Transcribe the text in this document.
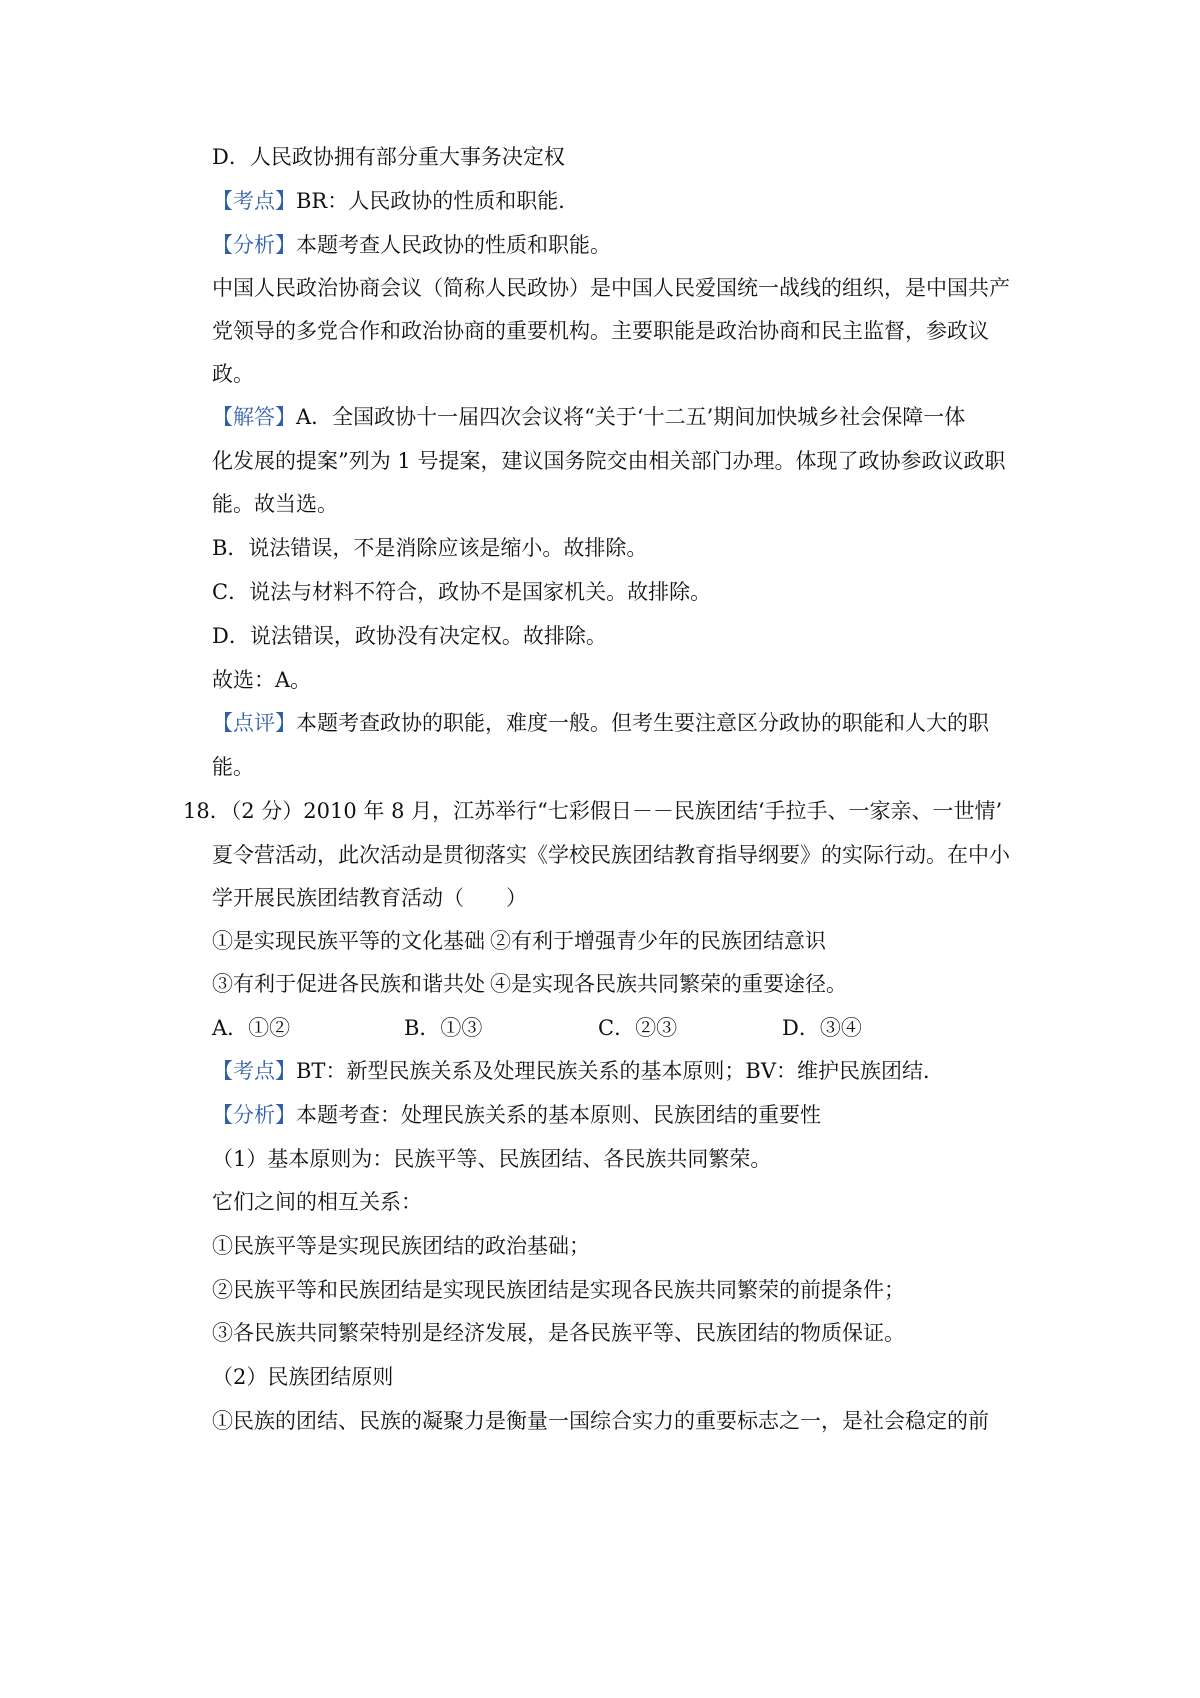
D．人民政协拥有部分重大事务决定权
【考点】BR：人民政协的性质和职能．
【分析】本题考查人民政协的性质和职能。
中国人民政治协商会议（简称人民政协）是中国人民爱国统一战线的组织，是中国共产
党领导的多党合作和政治协商的重要机构。主要职能是政治协商和民主监督，参政议
政。
【解答】A．全国政协十一届四次会议将“关于‘十二五’期间加快城乡社会保障一体
化发展的提案”列为 1 号提案，建议国务院交由相关部门办理。体现了政协参政议政职
能。故当选。
B．说法错误，不是消除应该是缩小。故排除。
C．说法与材料不符合，政协不是国家机关。故排除。
D．说法错误，政协没有决定权。故排除。
故选：A。
【点评】本题考查政协的职能，难度一般。但考生要注意区分政协的职能和人大的职
能。
18．（2 分）2010 年 8 月，江苏举行“七彩假日－－民族团结‘手拉手、一家亲、一世情’
夏令营活动，此次活动是贯彻落实《学校民族团结教育指导纲要》的实际行动。在中小
学开展民族团结教育活动（　　）
①是实现民族平等的文化基础 ②有利于增强青少年的民族团结意识
③有利于促进各民族和谐共处 ④是实现各民族共同繁荣的重要途径。
A．①②	B．①③	C．②③	D．③④
【考点】BT：新型民族关系及处理民族关系的基本原则；BV：维护民族团结．
【分析】本题考查：处理民族关系的基本原则、民族团结的重要性
（1）基本原则为：民族平等、民族团结、各民族共同繁荣。
它们之间的相互关系：
①民族平等是实现民族团结的政治基础；
②民族平等和民族团结是实现民族团结是实现各民族共同繁荣的前提条件；
③各民族共同繁荣特别是经济发展，是各民族平等、民族团结的物质保证。
（2）民族团结原则
①民族的团结、民族的凝聚力是衡量一国综合实力的重要标志之一，是社会稳定的前
